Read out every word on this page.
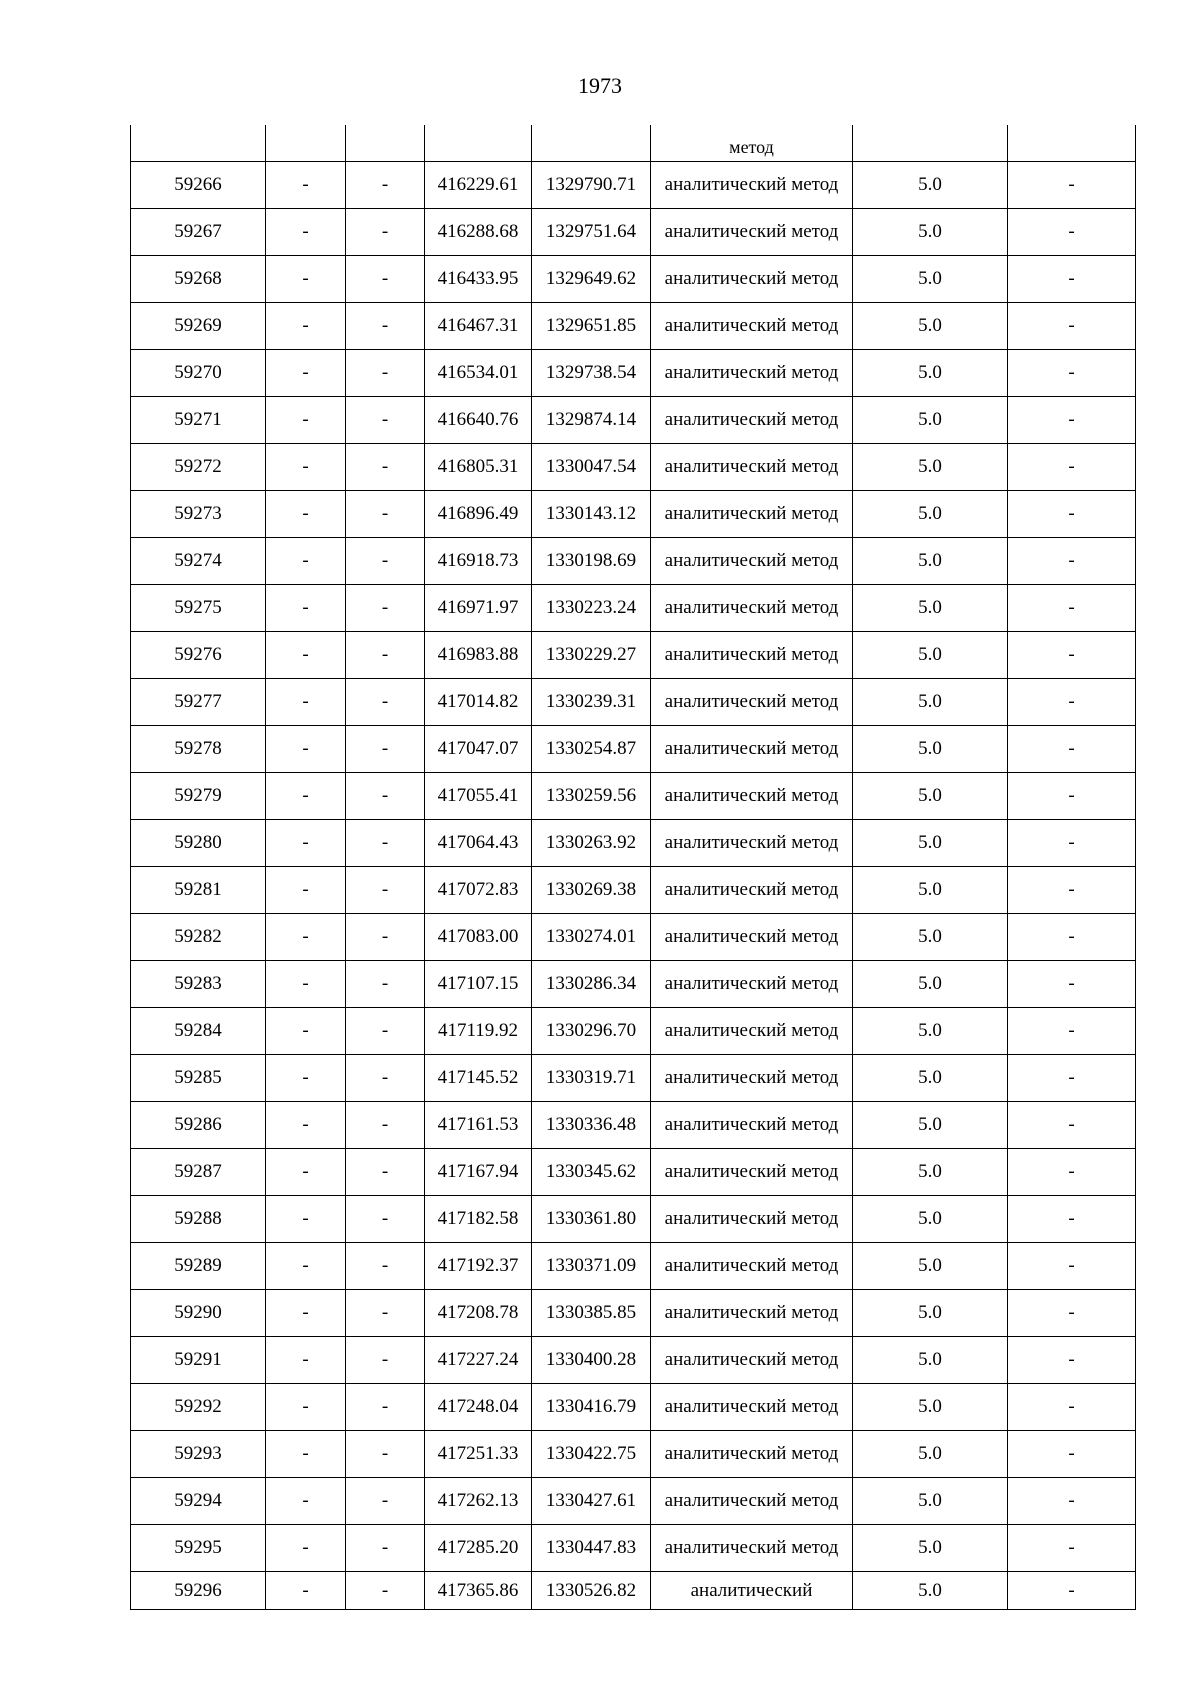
1973
					метод		
59266	-	-	416229.61	1329790.71	аналитический метод	5.0	-
59267	-	-	416288.68	1329751.64	аналитический метод	5.0	-
59268	-	-	416433.95	1329649.62	аналитический метод	5.0	-
59269	-	-	416467.31	1329651.85	аналитический метод	5.0	-
59270	-	-	416534.01	1329738.54	аналитический метод	5.0	-
59271	-	-	416640.76	1329874.14	аналитический метод	5.0	-
59272	-	-	416805.31	1330047.54	аналитический метод	5.0	-
59273	-	-	416896.49	1330143.12	аналитический метод	5.0	-
59274	-	-	416918.73	1330198.69	аналитический метод	5.0	-
59275	-	-	416971.97	1330223.24	аналитический метод	5.0	-
59276	-	-	416983.88	1330229.27	аналитический метод	5.0	-
59277	-	-	417014.82	1330239.31	аналитический метод	5.0	-
59278	-	-	417047.07	1330254.87	аналитический метод	5.0	-
59279	-	-	417055.41	1330259.56	аналитический метод	5.0	-
59280	-	-	417064.43	1330263.92	аналитический метод	5.0	-
59281	-	-	417072.83	1330269.38	аналитический метод	5.0	-
59282	-	-	417083.00	1330274.01	аналитический метод	5.0	-
59283	-	-	417107.15	1330286.34	аналитический метод	5.0	-
59284	-	-	417119.92	1330296.70	аналитический метод	5.0	-
59285	-	-	417145.52	1330319.71	аналитический метод	5.0	-
59286	-	-	417161.53	1330336.48	аналитический метод	5.0	-
59287	-	-	417167.94	1330345.62	аналитический метод	5.0	-
59288	-	-	417182.58	1330361.80	аналитический метод	5.0	-
59289	-	-	417192.37	1330371.09	аналитический метод	5.0	-
59290	-	-	417208.78	1330385.85	аналитический метод	5.0	-
59291	-	-	417227.24	1330400.28	аналитический метод	5.0	-
59292	-	-	417248.04	1330416.79	аналитический метод	5.0	-
59293	-	-	417251.33	1330422.75	аналитический метод	5.0	-
59294	-	-	417262.13	1330427.61	аналитический метод	5.0	-
59295	-	-	417285.20	1330447.83	аналитический метод	5.0	-
59296	-	-	417365.86	1330526.82	аналитический	5.0	-
